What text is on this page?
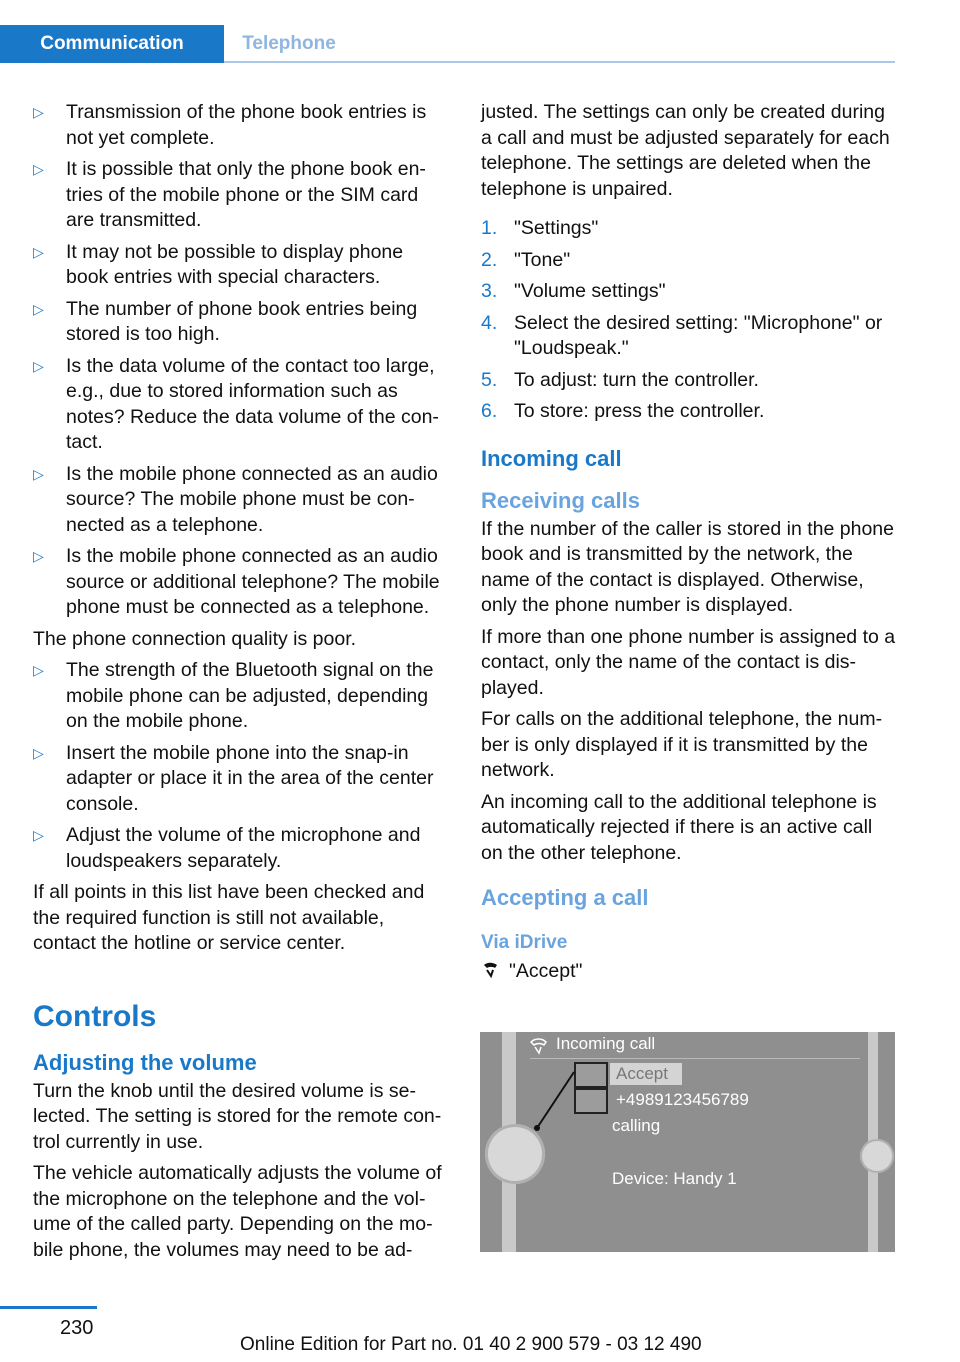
Communication	Telephone
▷ Transmission of the phone book entries is not yet complete.
▷ It is possible that only the phone book en‐tries of the mobile phone or the SIM card are transmitted.
▷ It may not be possible to display phone book entries with special characters.
▷ The number of phone book entries being stored is too high.
▷ Is the data volume of the contact too large, e.g., due to stored information such as notes? Reduce the data volume of the con‐tact.
▷ Is the mobile phone connected as an audio source? The mobile phone must be con‐nected as a telephone.
▷ Is the mobile phone connected as an audio source or additional telephone? The mobile phone must be connected as a telephone.

The phone connection quality is poor.

▷ The strength of the Bluetooth signal on the mobile phone can be adjusted, depending on the mobile phone.
▷ Insert the mobile phone into the snap-in adapter or place it in the area of the center console.
▷ Adjust the volume of the microphone and loudspeakers separately.

If all points in this list have been checked and the required function is still not available, contact the hotline or service center.

Controls
Adjusting the volume

Turn the knob until the desired volume is se‐lected. The setting is stored for the remote con‐trol currently in use.

The vehicle automatically adjusts the volume of the microphone on the telephone and the vol‐ume of the called party. Depending on the mo‐bile phone, the volumes may need to be ad‐

justed. The settings can only be created during a call and must be adjusted separately for each telephone. The settings are deleted when the telephone is unpaired.

1. "Settings"
2. "Tone"
3. "Volume settings"
4. Select the desired setting: "Microphone" or "Loudspeak."
5. To adjust: turn the controller.
6. To store: press the controller.
Incoming call
Receiving calls

If the number of the caller is stored in the phone book and is transmitted by the network, the name of the contact is displayed. Otherwise, only the phone number is displayed.

If more than one phone number is assigned to a contact, only the name of the contact is dis‐played.

For calls on the additional telephone, the num‐ber is only displayed if it is transmitted by the network.

An incoming call to the additional telephone is automatically rejected if there is an active call on the other telephone.

Accepting a call
Via iDrive
"Accept"
Incoming call
Accept
+4989123456789
calling
Device: Handy 1
230
Online Edition for Part no. 01 40 2 900 579 - 03 12 490
